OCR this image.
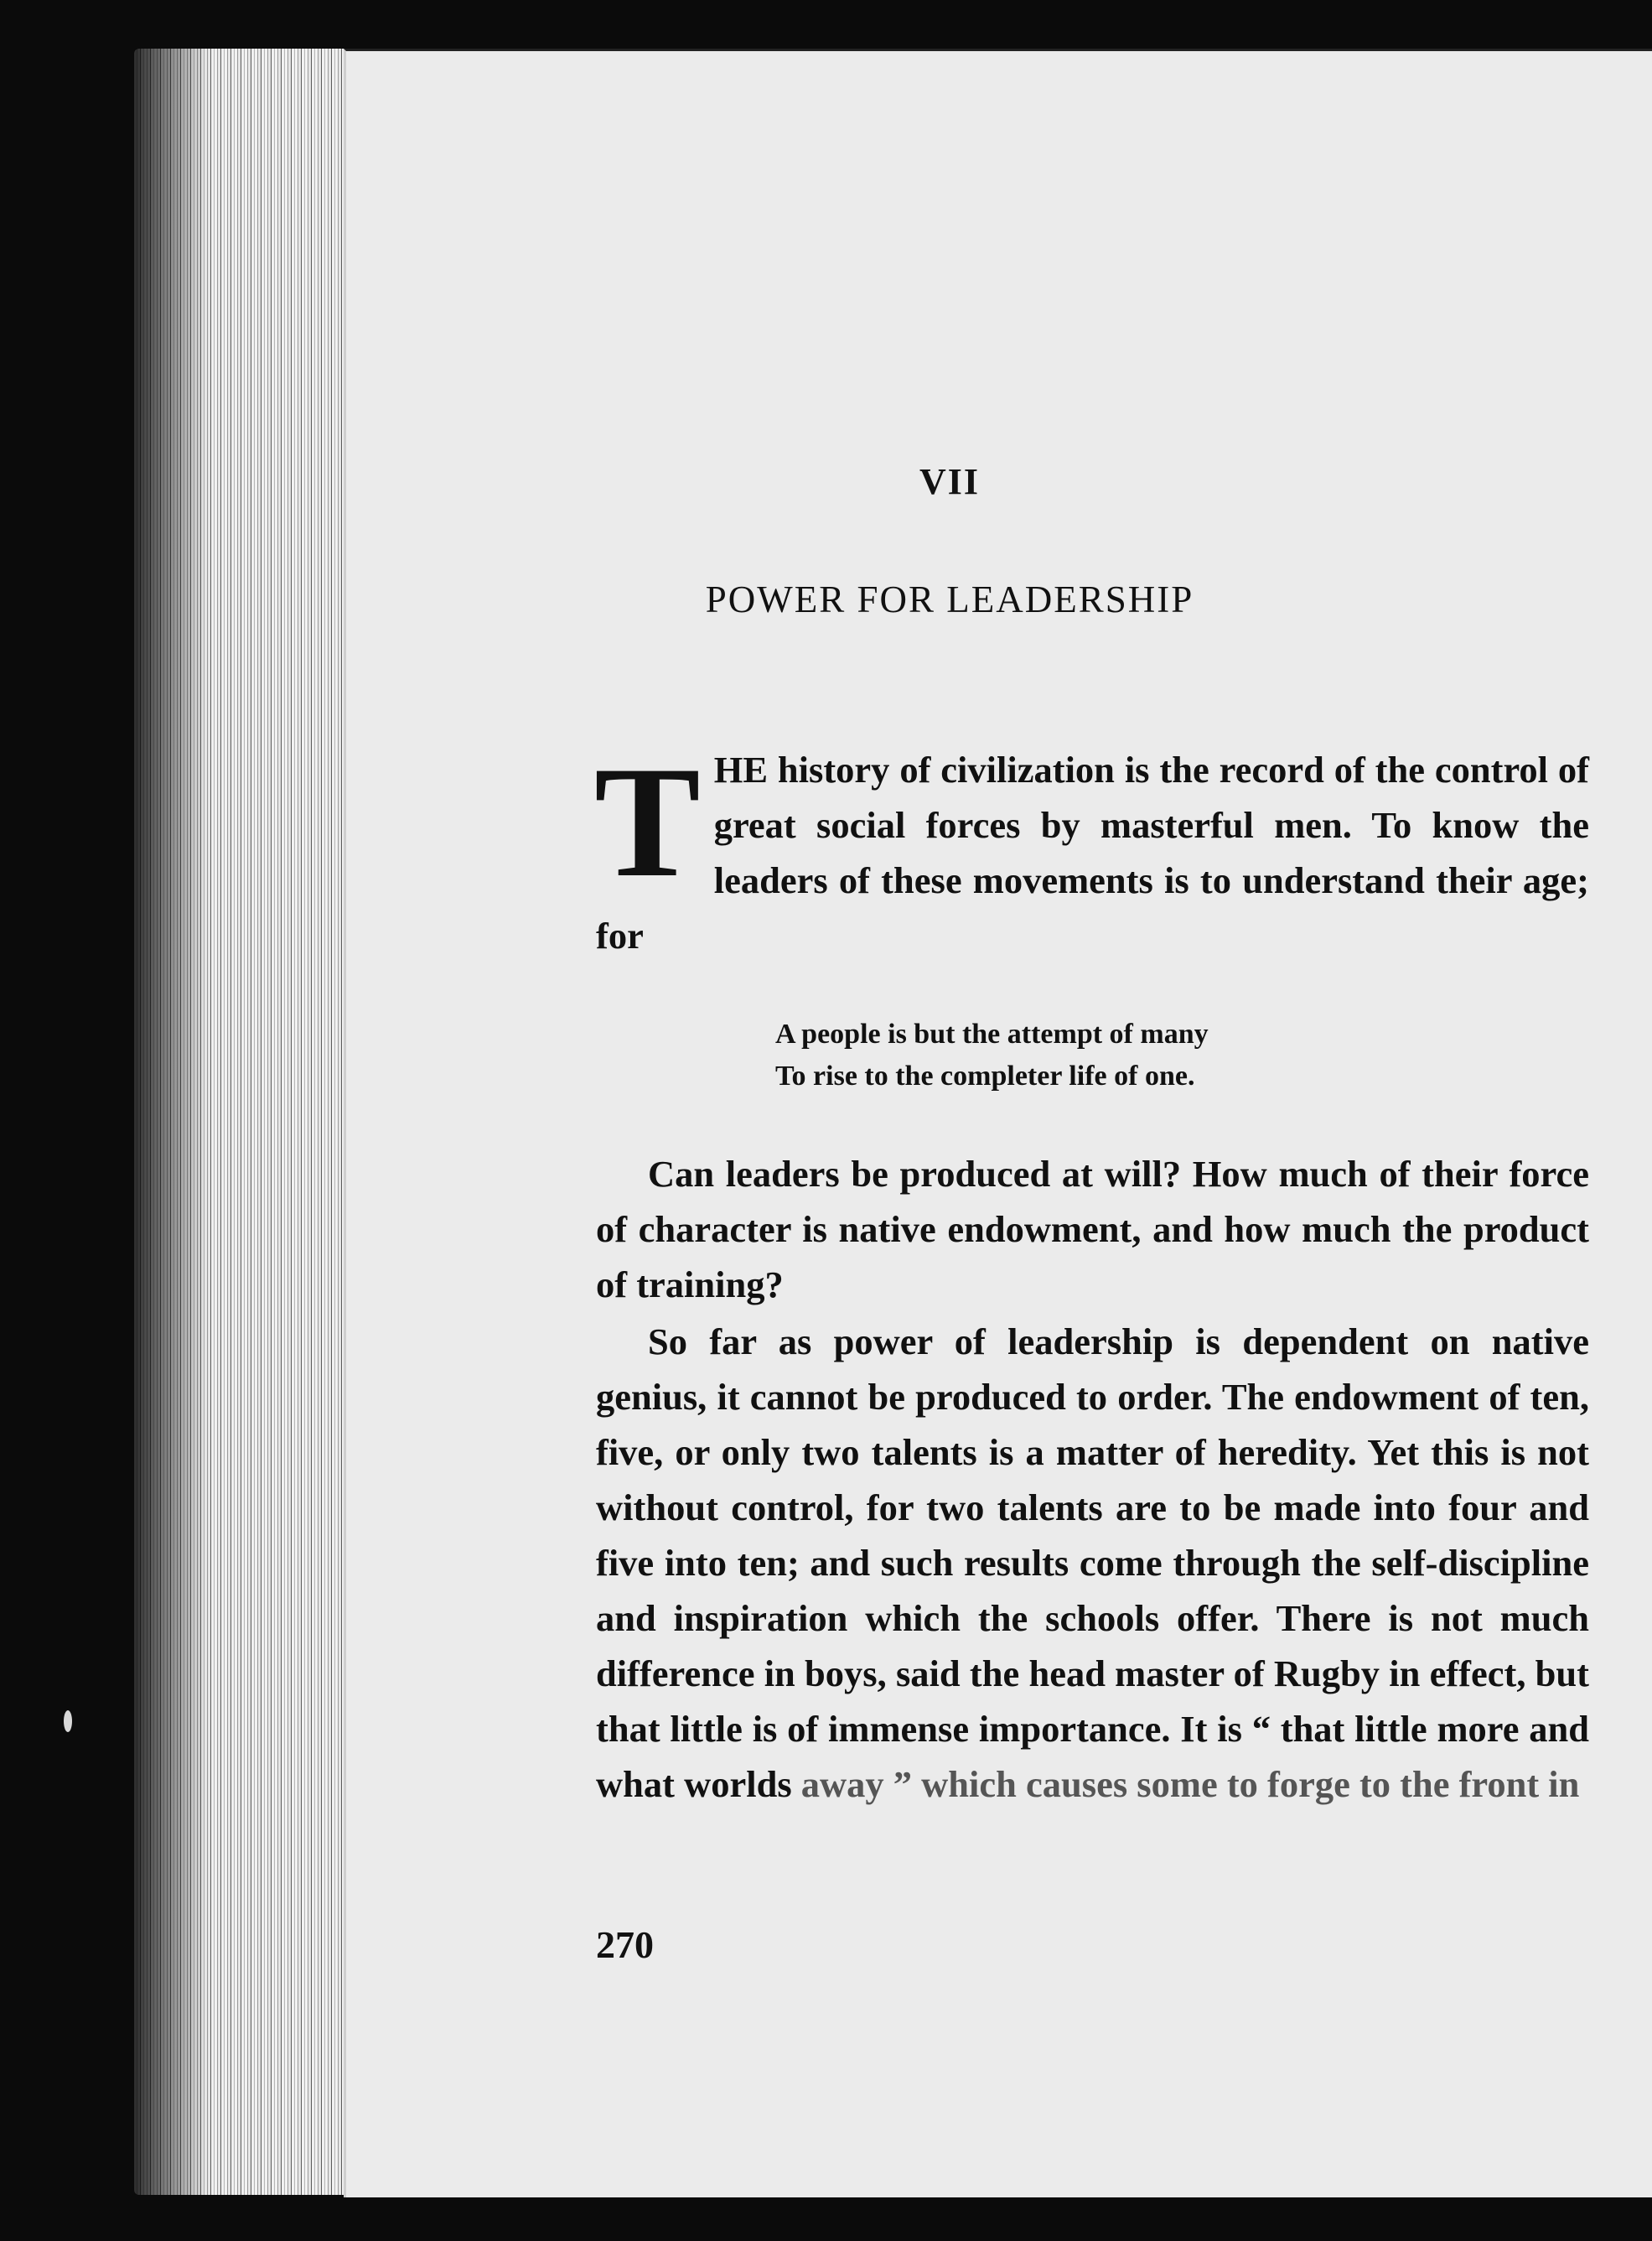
VII
POWER FOR LEADERSHIP
THE history of civilization is the record of the control of great social forces by masterful men. To know the leaders of these movements is to understand their age; for
A people is but the attempt of many
To rise to the completer life of one.
Can leaders be produced at will? How much of their force of character is native endowment, and how much the product of training?
So far as power of leadership is dependent on native genius, it cannot be produced to order. The endowment of ten, five, or only two talents is a matter of heredity. Yet this is not without control, for two talents are to be made into four and five into ten; and such results come through the self-discipline and inspiration which the schools offer. There is not much difference in boys, said the head master of Rugby in effect, but that little is of immense importance. It is “ that little more and what worlds away ” which causes some to forge to the front in
270
